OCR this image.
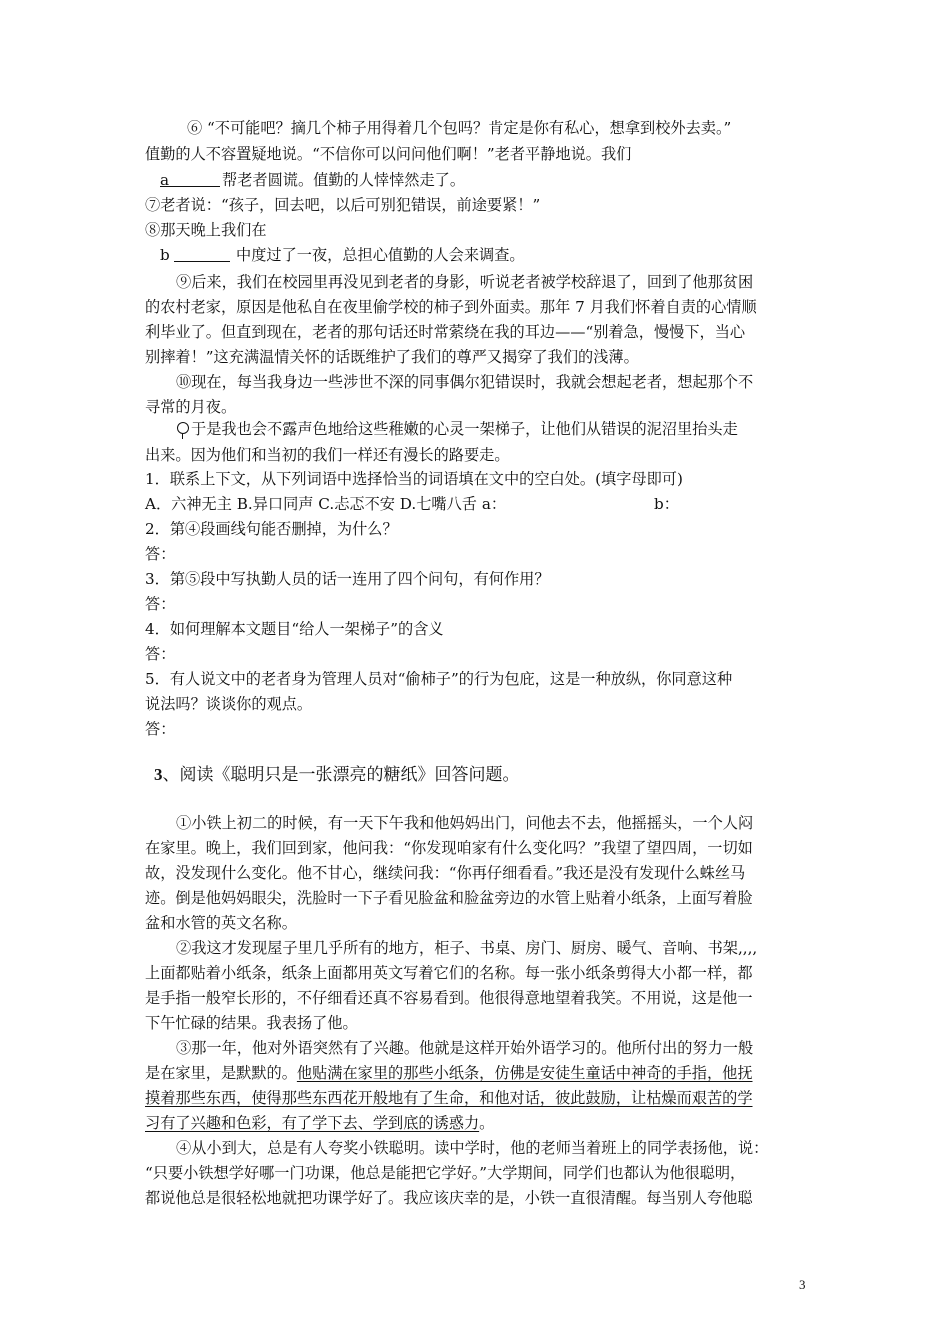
⑥ “不可能吧？摘几个柿子用得着几个包吗？肯定是你有私心，想拿到校外去卖。”
值勤的人不容置疑地说。“不信你可以问问他们啊！”老者平静地说。我们
a	帮老者圆谎。值勤的人悻悻然走了。
⑦老者说：“孩子，回去吧，以后可别犯错误，前途要紧！”
⑧那天晚上我们在
b	中度过了一夜，总担心值勤的人会来调查。
⑨后来，我们在校园里再没见到老者的身影，听说老者被学校辞退了，回到了他那贫困
的农村老家，原因是他私自在夜里偷学校的柿子到外面卖。那年 7 月我们怀着自责的心情顺
利毕业了。但直到现在，老者的那句话还时常萦绕在我的耳边——“别着急，慢慢下，当心
别摔着！”这充满温情关怀的话既维护了我们的尊严又揭穿了我们的浅薄。
⑩现在，每当我身边一些涉世不深的同事偶尔犯错误时，我就会想起老者，想起那个不
寻常的月夜。
于是我也会不露声色地给这些稚嫩的心灵一架梯子，让他们从错误的泥沼里抬头走
出来。因为他们和当初的我们一样还有漫长的路要走。
1．联系上下文，从下列词语中选择恰当的词语填在文中的空白处。(填字母即可)
A．六神无主 B.异口同声 C.忐忑不安 D.七嘴八舌 a：	b：
2．第④段画线句能否删掉，为什么？
答：
3．第⑤段中写执勤人员的话一连用了四个问句，有何作用？
答：
4．如何理解本文题目“给人一架梯子”的含义
答：
5．有人说文中的老者身为管理人员对“偷柿子”的行为包庇，这是一种放纵，你同意这种
说法吗？谈谈你的观点。
答：
3、阅读《聪明只是一张漂亮的糖纸》回答问题。
①小铁上初二的时候，有一天下午我和他妈妈出门，问他去不去，他摇摇头，一个人闷
在家里。晚上，我们回到家，他问我：“你发现咱家有什么变化吗？”我望了望四周，一切如
故，没发现什么变化。他不甘心，继续问我：“你再仔细看看。”我还是没有发现什么蛛丝马
迹。倒是他妈妈眼尖，洗脸时一下子看见脸盆和脸盆旁边的水管上贴着小纸条，上面写着脸
盆和水管的英文名称。
②我这才发现屋子里几乎所有的地方，柜子、书桌、房门、厨房、暖气、音响、书架,,,,
上面都贴着小纸条，纸条上面都用英文写着它们的名称。每一张小纸条剪得大小都一样，都
是手指一般窄长形的，不仔细看还真不容易看到。他很得意地望着我笑。不用说，这是他一
下午忙碌的结果。我表扬了他。
③那一年，他对外语突然有了兴趣。他就是这样开始外语学习的。他所付出的努力一般
是在家里，是默默的。他贴满在家里的那些小纸条，仿佛是安徒生童话中神奇的手指，他抚
摸着那些东西，使得那些东西花开般地有了生命，和他对话，彼此鼓励，让枯燥而艰苦的学
习有了兴趣和色彩，有了学下去、学到底的诱惑力。
④从小到大，总是有人夸奖小铁聪明。读中学时，他的老师当着班上的同学表扬他，说：
“只要小铁想学好哪一门功课，他总是能把它学好。”大学期间，同学们也都认为他很聪明，
都说他总是很轻松地就把功课学好了。我应该庆幸的是，小铁一直很清醒。每当别人夸他聪
3
